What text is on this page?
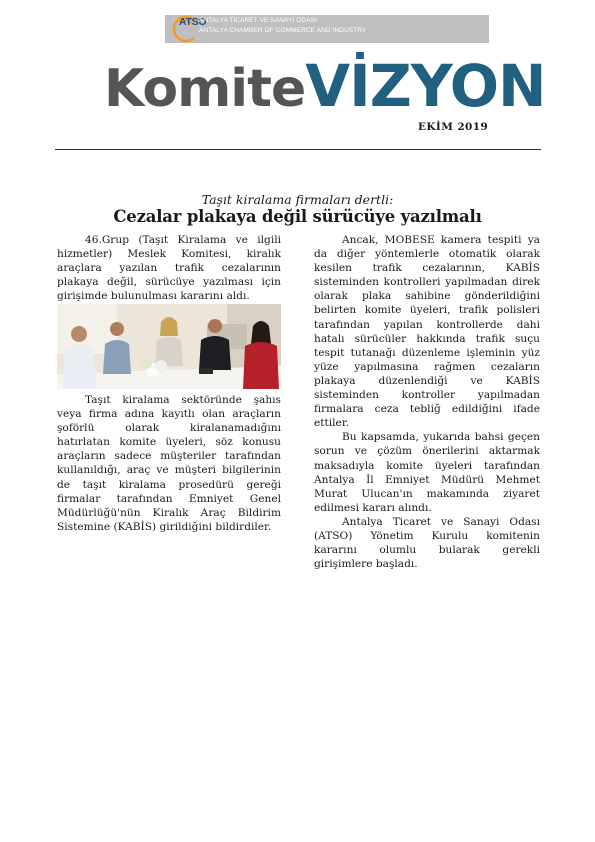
ATSO
ANTALYA TİCARET VE SANAYİ ODASI
ANTALYA CHAMBER OF COMMERCE AND INDUSTRY
KomiteVİZYON
EKİM 2019
Taşıt kiralama firmaları dertli:
Cezalar plakaya değil sürücüye yazılmalı

46.Grup (Taşıt Kiralama ve ilgili hizmetler) Meslek Komitesi, kiralık araçlara yazılan trafik cezalarının plakaya değil, sürücüye yazılması için girişimde bulunulması kararını aldı.

Taşıt kiralama sektöründe şahıs veya firma adına kayıtlı olan araçların şoförlü olarak kiralanamadığını hatırlatan komite üyeleri, söz konusu araçların sadece müşteriler tarafından kullanıldığı, araç ve müşteri bilgilerinin de taşıt kiralama prosedürü gereği firmalar tarafından Emniyet Genel Müdürlüğü'nün Kiralık Araç Bildirim Sistemine (KABİS) girildiğini bildirdiler.

Ancak, MOBESE kamera tespiti ya da diğer yöntemlerle otomatik olarak kesilen trafik cezalarının, KABİS sisteminden kontrolleri yapılmadan direk olarak plaka sahibine gönderildiğini belirten komite üyeleri, trafik polisleri tarafından yapılan kontrollerde dahi hatalı sürücüler hakkında trafik suçu tespit tutanağı düzenleme işleminin yüz yüze yapılmasına rağmen cezaların plakaya düzenlendiği ve KABİS sisteminden kontroller yapılmadan firmalara ceza tebliğ edildiğini ifade ettiler.

Bu kapsamda, yukarıda bahsi geçen sorun ve çözüm önerilerini aktarmak maksadıyla komite üyeleri tarafından Antalya İl Emniyet Müdürü Mehmet Murat Ulucan'ın makamında ziyaret edilmesi kararı alındı.

Antalya Ticaret ve Sanayi Odası (ATSO) Yönetim Kurulu komitenin kararını olumlu bularak gerekli girişimlere başladı.
